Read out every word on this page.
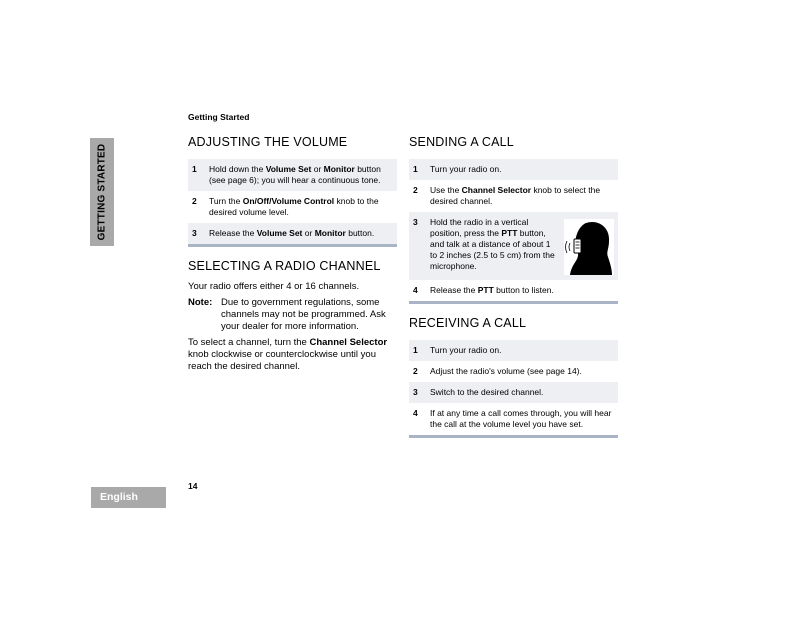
Getting Started
GETTING STARTED
ADJUSTING THE VOLUME
1	Hold down the Volume Set or Monitor button (see page 6); you will hear a continuous tone.
2	Turn the On/Off/Volume Control knob to the desired volume level.
3	Release the Volume Set or Monitor button.
SELECTING A RADIO CHANNEL

Your radio offers either 4 or 16 channels.

Note: Due to government regulations, some channels may not be programmed. Ask your dealer for more information.

To select a channel, turn the Channel Selector knob clockwise or counterclockwise until you reach the desired channel.

SENDING A CALL
1	Turn your radio on.
2	Use the Channel Selector knob to select the desired channel.
3	Hold the radio in a vertical position, press the PTT button, and talk at a distance of about 1 to 2 inches (2.5 to 5 cm) from the microphone.
4	Release the PTT button to listen.
RECEIVING A CALL
1	Turn your radio on.
2	Adjust the radio's volume (see page 14).
3	Switch to the desired channel.
4	If at any time a call comes through, you will hear the call at the volume level you have set.
14
English
